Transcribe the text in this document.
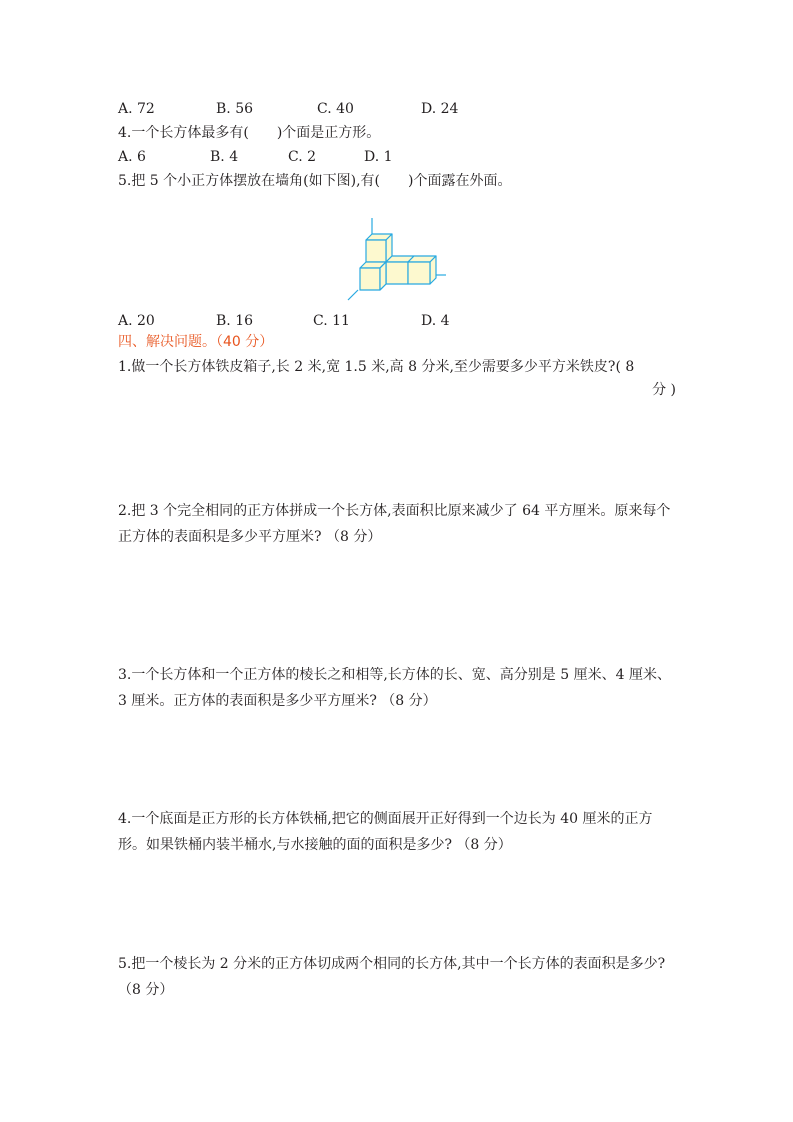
A. 72	B. 56	C. 40	D. 24
4.一个长方体最多有(　　)个面是正方形。
A. 6	B. 4	C. 2	D. 1
5.把 5 个小正方体摆放在墙角(如下图),有(　　)个面露在外面。
A. 20	B. 16	C. 11	D. 4
四、解决问题。（40 分）
1.做一个长方体铁皮箱子,长 2 米,宽 1.5 米,高 8 分米,至少需要多少平方米铁皮?( 8
分 )
2.把 3 个完全相同的正方体拼成一个长方体,表面积比原来减少了 64 平方厘米。原来每个正方体的表面积是多少平方厘米? （8 分）
3.一个长方体和一个正方体的棱长之和相等,长方体的长、宽、高分别是 5 厘米、4 厘米、3 厘米。正方体的表面积是多少平方厘米? （8 分）
4.一个底面是正方形的长方体铁桶,把它的侧面展开正好得到一个边长为 40 厘米的正方形。如果铁桶内装半桶水,与水接触的面的面积是多少? （8 分）
5.把一个棱长为 2 分米的正方体切成两个相同的长方体,其中一个长方体的表面积是多少? （8 分）
